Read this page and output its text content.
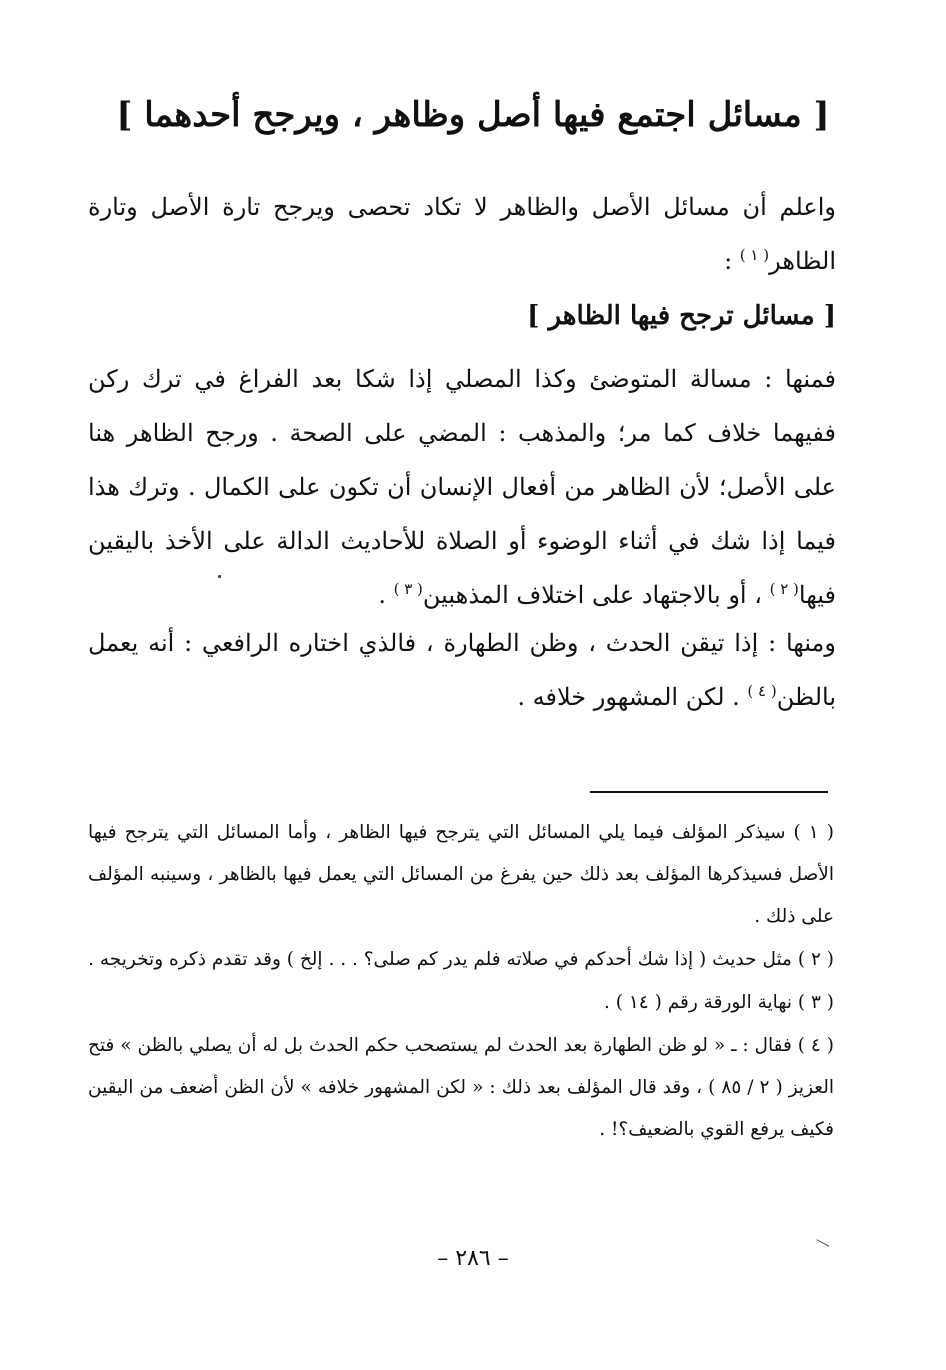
[ مسائل اجتمع فيها أصل وظاهر ، ويرجح أحدهما ]
واعلم أن مسائل الأصل والظاهر لا تكاد تحصى ويرجح تارة الأصل وتارة الظاهر$^{( ١ )}$ :
[ مسائل ترجح فيها الظاهر ]
فمنها : مسالة المتوضئ وكذا المصلي إذا شكا بعد الفراغ في ترك ركن ففيهما خلاف كما مر؛ والمذهب : المضي على الصحة . ورجح الظاهر هنا على الأصل؛ لأن الظاهر من أفعال الإنسان أن تكون على الكمال . وترك هذا فيما إذا شك في أثناء الوضوء أو الصلاة للأحاديث الدالة على الأخذ باليقين فيها$^{( ٢ )}$ ، أو بالاجتهاد على اختلاف المذهبين$^{( ٣ )}$ .
ومنها : إذا تيقن الحدث ، وظن الطهارة ، فالذي اختاره الرافعي : أنه يعمل بالظن$^{( ٤ )}$ . لكن المشهور خلافه .

( ١ ) سيذكر المؤلف فيما يلي المسائل التي يترجح فيها الظاهر ، وأما المسائل التي يترجح فيها الأصل فسيذكرها المؤلف بعد ذلك حين يفرغ من المسائل التي يعمل فيها بالظاهر ، وسينبه المؤلف على ذلك .

( ٢ ) مثل حديث ( إذا شك أحدكم في صلاته فلم يدر كم صلى؟ . . . إلخ ) وقد تقدم ذكره وتخريجه .

( ٣ ) نهاية الورقة رقم ( ١٤ ) .

( ٤ ) فقال : ـ « لو ظن الطهارة بعد الحدث لم يستصحب حكم الحدث بل له أن يصلي بالظن » فتح العزيز ( ٢ / ٨٥ ) ، وقد قال المؤلف بعد ذلك : « لكن المشهور خلافه » لأن الظن أضعف من اليقين فكيف يرفع القوي بالضعيف؟! .

– ٢٨٦ –
